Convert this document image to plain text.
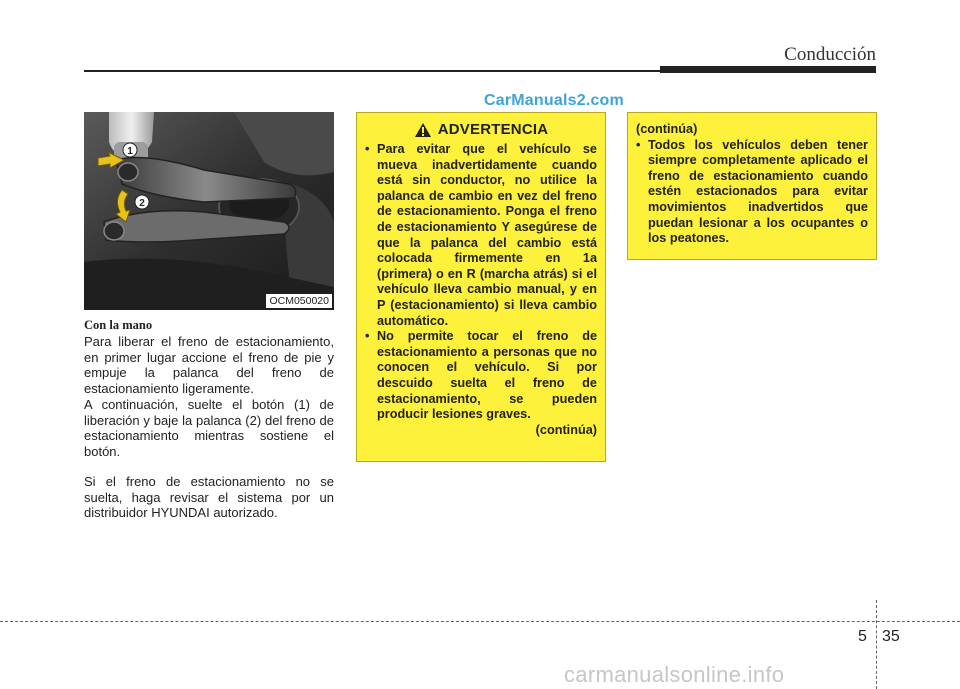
Conducción
CarManuals2.com
1
2
OCM050020
Con la mano
Para liberar el freno de estacionamiento, en primer lugar accione el freno de pie y empuje la palanca del freno de estacionamiento ligeramente.
A continuación, suelte el botón (1) de liberación y baje la palanca (2) del freno de estacionamiento mientras sostiene el botón.
Si el freno de estacionamiento no se suelta, haga revisar el sistema por un distribuidor HYUNDAI autorizado.
ADVERTENCIA
• Para evitar que el vehículo se mueva inadvertidamente cuando está sin conductor, no utilice la palanca de cambio en vez del freno de estacionamiento. Ponga el freno de estacionamiento Y asegúrese de que la palanca del cambio está colocada firmemente en 1a (primera) o en R (marcha atrás) si el vehículo lleva cambio manual, y en P (estacionamiento) si lleva cambio automático.
• No permite tocar el freno de estacionamiento a personas que no conocen el vehículo. Si por descuido suelta el freno de estacionamiento, se pueden producir lesiones graves.
(continúa)
(continúa)
• Todos los vehículos deben tener siempre completamente aplicado el freno de estacionamiento cuando estén estacionados para evitar movimientos inadvertidos que puedan lesionar a los ocupantes o los peatones.
5 35
carmanualsonline.info
